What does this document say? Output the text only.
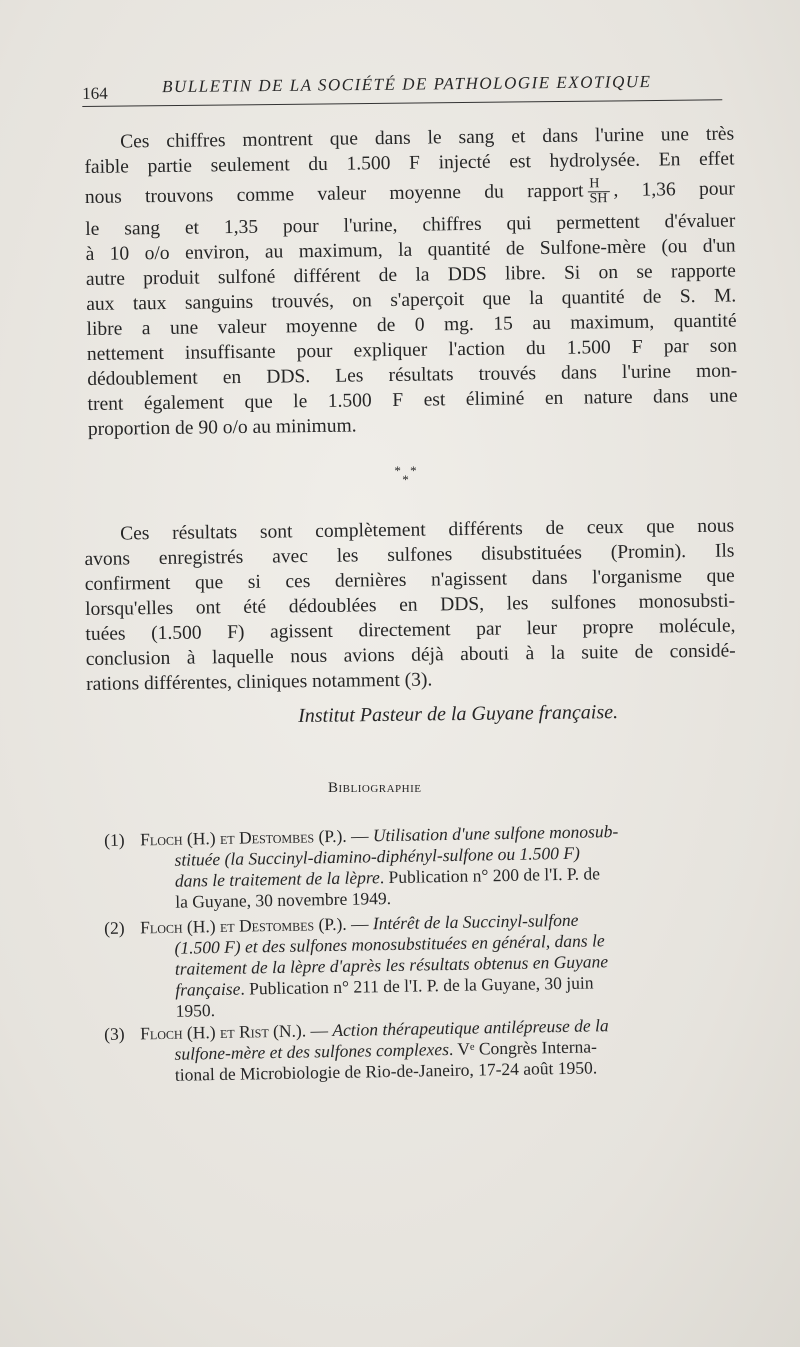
164	BULLETIN DE LA SOCIÉTÉ DE PATHOLOGIE EXOTIQUE
Ces chiffres montrent que dans le sang et dans l'urine une très
faible partie seulement du 1.500 F injecté est hydrolysée. En effet
nous trouvons comme valeur moyenne du rapport $\frac{H}{SH}$ , 1,36 pour
le sang et 1,35 pour l'urine, chiffres qui permettent d'évaluer
à 10 o/o environ, au maximum, la quantité de Sulfone-mère (ou d'un
autre produit sulfoné différent de la DDS libre. Si on se rapporte
aux taux sanguins trouvés, on s'aperçoit que la quantité de S. M.
libre a une valeur moyenne de 0 mg. 15 au maximum, quantité
nettement insuffisante pour expliquer l'action du 1.500 F par son
dédoublement en DDS. Les résultats trouvés dans l'urine mon-
trent également que le 1.500 F est éliminé en nature dans une
proportion de 90 o/o au minimum.
* * *
Ces résultats sont complètement différents de ceux que nous
avons enregistrés avec les sulfones disubstituées (Promin). Ils
confirment que si ces dernières n'agissent dans l'organisme que
lorsqu'elles ont été dédoublées en DDS, les sulfones monosubsti-
tuées (1.500 F) agissent directement par leur propre molécule,
conclusion à laquelle nous avions déjà abouti à la suite de considé-
rations différentes, cliniques notamment (3).
Institut Pasteur de la Guyane française.
Bibliographie
(1) Floch (H.) et Destombes (P.). — Utilisation d'une sulfone monosub-
stituée (la Succinyl-diamino-diphényl-sulfone ou 1.500 F)
dans le traitement de la lèpre. Publication n° 200 de l'I. P. de
la Guyane, 30 novembre 1949.
(2) Floch (H.) et Destombes (P.). — Intérêt de la Succinyl-sulfone
(1.500 F) et des sulfones monosubstituées en général, dans le
traitement de la lèpre d'après les résultats obtenus en Guyane
française. Publication n° 211 de l'I. P. de la Guyane, 30 juin
1950.
(3) Floch (H.) et Rist (N.). — Action thérapeutique antilépreuse de la
sulfone-mère et des sulfones complexes. Vᵉ Congrès Interna-
tional de Microbiologie de Rio-de-Janeiro, 17-24 août 1950.
